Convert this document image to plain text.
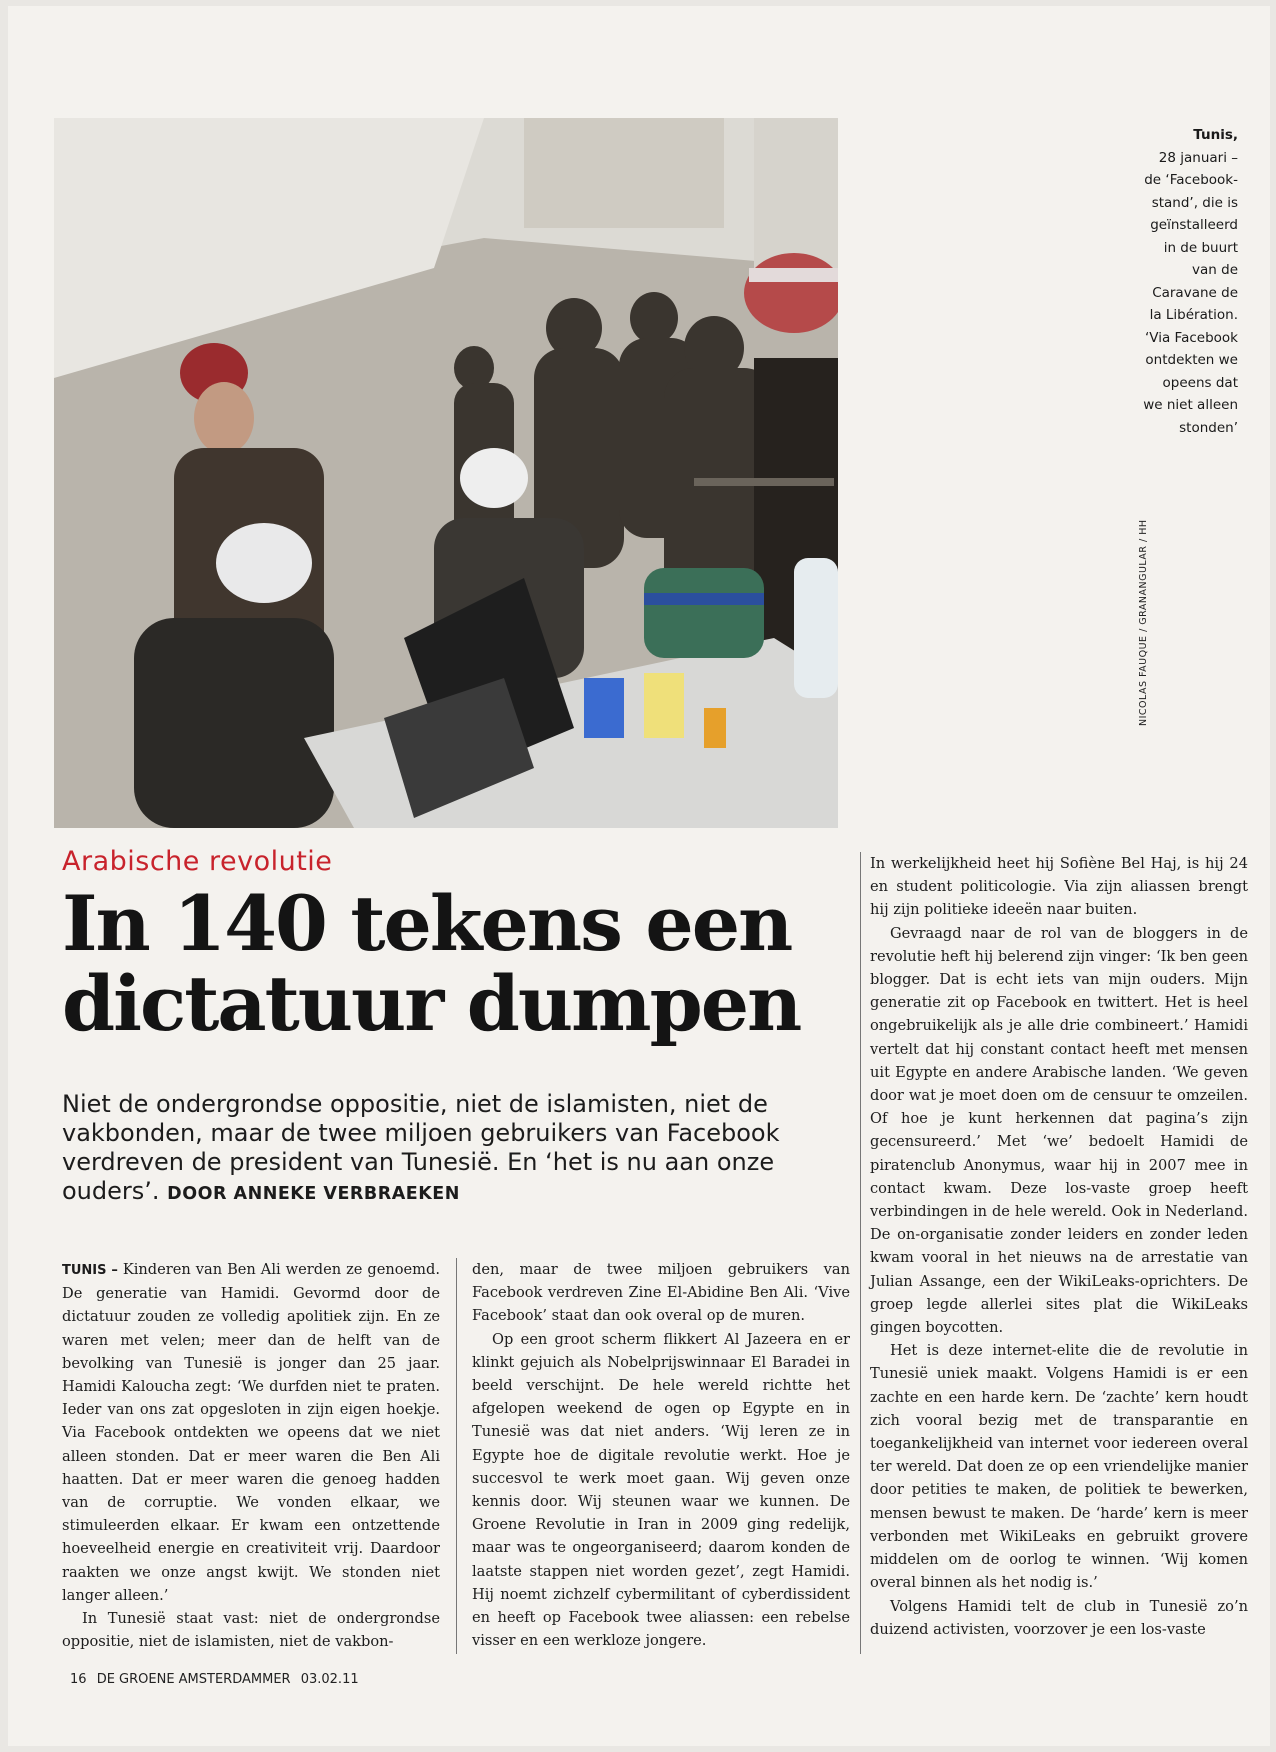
Tunis,
28 januari –
de ‘Facebook-
stand’, die is
geïnstalleerd
in de buurt
van de
Caravane de
la Libération.
‘Via Facebook
ontdekten we
opeens dat
we niet alleen
stonden’
NICOLAS FAUQUE / GRANANGULAR / HH
Arabische revolutie
In 140 tekens een
dictatuur dumpen
Niet de ondergrondse oppositie, niet de islamisten, niet de vakbonden, maar de twee miljoen gebruikers van Facebook verdreven de president van Tunesië. En ‘het is nu aan onze ouders’. DOOR ANNEKE VERBRAEKEN

TUNIS – Kinderen van Ben Ali werden ze genoemd. De generatie van Hamidi. Gevormd door de dictatuur zouden ze volledig apolitiek zijn. En ze waren met velen; meer dan de helft van de bevolking van Tunesië is jonger dan 25 jaar. Hamidi Kaloucha zegt: ‘We durfden niet te praten. Ieder van ons zat opgesloten in zijn eigen hoekje. Via Facebook ontdekten we opeens dat we niet alleen stonden. Dat er meer waren die Ben Ali haatten. Dat er meer waren die genoeg hadden van de corruptie. We vonden elkaar, we stimuleerden elkaar. Er kwam een ontzettende hoeveelheid energie en creativiteit vrij. Daardoor raakten we onze angst kwijt. We stonden niet langer alleen.’

In Tunesië staat vast: niet de ondergrondse oppositie, niet de islamisten, niet de vakbon-

den, maar de twee miljoen gebruikers van Facebook verdreven Zine El-Abidine Ben Ali. ‘Vive Facebook’ staat dan ook overal op de muren.

Op een groot scherm flikkert Al Jazeera en er klinkt gejuich als Nobelprijswinnaar El Baradei in beeld verschijnt. De hele wereld richtte het afgelopen weekend de ogen op Egypte en in Tunesië was dat niet anders. ‘Wij leren ze in Egypte hoe de digitale revolutie werkt. Hoe je succesvol te werk moet gaan. Wij geven onze kennis door. Wij steunen waar we kunnen. De Groene Revolutie in Iran in 2009 ging redelijk, maar was te ongeorganiseerd; daarom konden de laatste stappen niet worden gezet’, zegt Hamidi. Hij noemt zichzelf cybermilitant of cyberdissident en heeft op Facebook twee aliassen: een rebelse visser en een werkloze jongere.

In werkelijkheid heet hij Sofiène Bel Haj, is hij 24 en student politicologie. Via zijn aliassen brengt hij zijn politieke ideeën naar buiten.

Gevraagd naar de rol van de bloggers in de revolutie heft hij belerend zijn vinger: ‘Ik ben geen blogger. Dat is echt iets van mijn ouders. Mijn generatie zit op Facebook en twittert. Het is heel ongebruikelijk als je alle drie combineert.’ Hamidi vertelt dat hij constant contact heeft met mensen uit Egypte en andere Arabische landen. ‘We geven door wat je moet doen om de censuur te omzeilen. Of hoe je kunt herkennen dat pagina’s zijn gecensureerd.’ Met ‘we’ bedoelt Hamidi de piratenclub Anonymus, waar hij in 2007 mee in contact kwam. Deze los-vaste groep heeft verbindingen in de hele wereld. Ook in Nederland. De on-organisatie zonder leiders en zonder leden kwam vooral in het nieuws na de arrestatie van Julian Assange, een der WikiLeaks-oprichters. De groep legde allerlei sites plat die WikiLeaks gingen boycotten.

Het is deze internet-elite die de revolutie in Tunesië uniek maakt. Volgens Hamidi is er een zachte en een harde kern. De ‘zachte’ kern houdt zich vooral bezig met de transparantie en toegankelijkheid van internet voor iedereen overal ter wereld. Dat doen ze op een vriendelijke manier door petities te maken, de politiek te bewerken, mensen bewust te maken. De ‘harde’ kern is meer verbonden met WikiLeaks en gebruikt grovere middelen om de oorlog te winnen. ‘Wij komen overal binnen als het nodig is.’

Volgens Hamidi telt de club in Tunesië zo’n duizend activisten, voorzover je een los-vaste

16 DE GROENE AMSTERDAMMER 03.02.11
